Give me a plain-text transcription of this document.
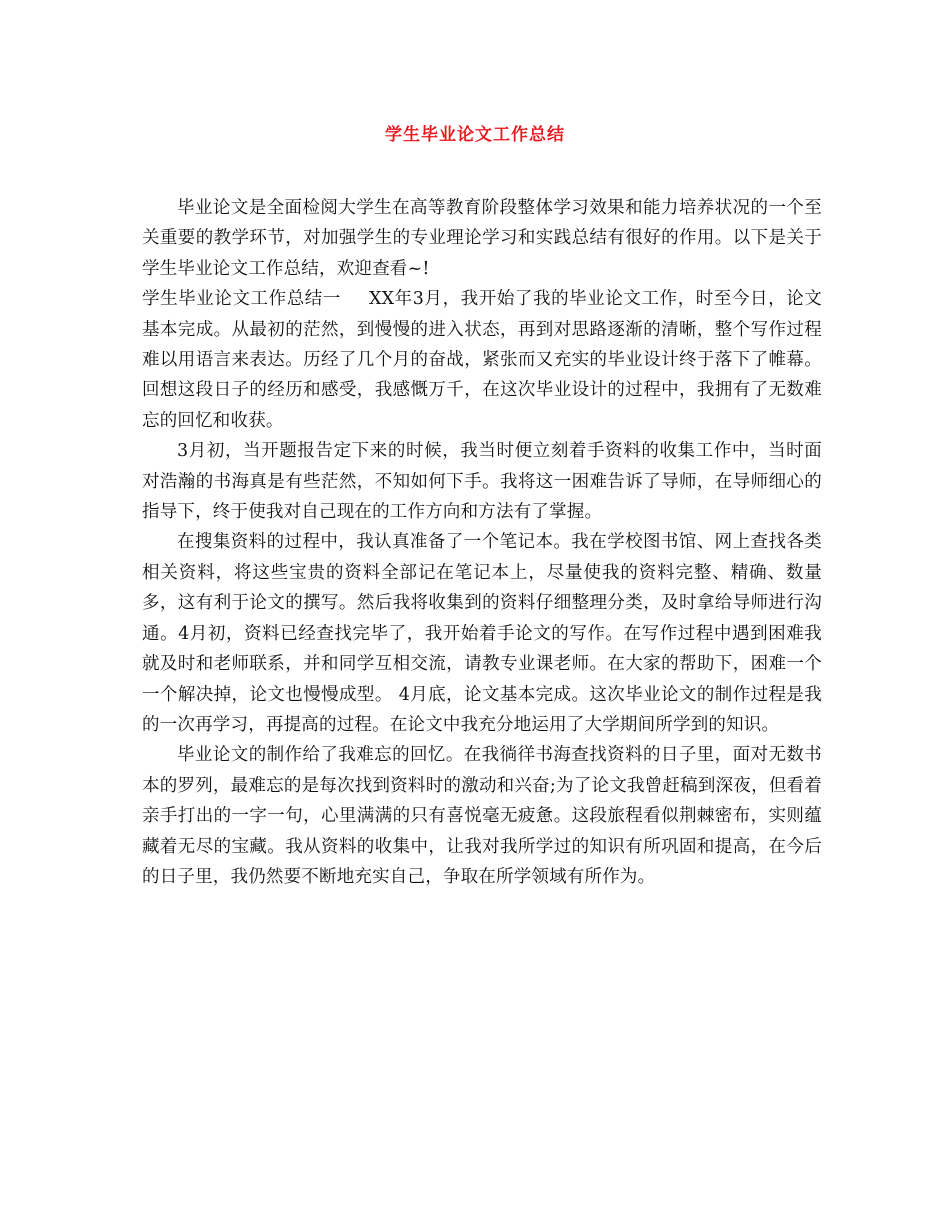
学生毕业论文工作总结

毕业论文是全面检阅大学生在高等教育阶段整体学习效果和能力培养状况的一个至关重要的教学环节，对加强学生的专业理论学习和实践总结有很好的作用。以下是关于学生毕业论文工作总结，欢迎查看~!

学生毕业论文工作总结一 XX年3月，我开始了我的毕业论文工作，时至今日，论文基本完成。从最初的茫然，到慢慢的进入状态，再到对思路逐渐的清晰，整个写作过程难以用语言来表达。历经了几个月的奋战，紧张而又充实的毕业设计终于落下了帷幕。回想这段日子的经历和感受，我感慨万千，在这次毕业设计的过程中，我拥有了无数难忘的回忆和收获。

3月初，当开题报告定下来的时候，我当时便立刻着手资料的收集工作中，当时面对浩瀚的书海真是有些茫然，不知如何下手。我将这一困难告诉了导师，在导师细心的指导下，终于使我对自己现在的工作方向和方法有了掌握。

在搜集资料的过程中，我认真准备了一个笔记本。我在学校图书馆、网上查找各类相关资料，将这些宝贵的资料全部记在笔记本上，尽量使我的资料完整、精确、数量多，这有利于论文的撰写。然后我将收集到的资料仔细整理分类，及时拿给导师进行沟通。4月初，资料已经查找完毕了，我开始着手论文的写作。在写作过程中遇到困难我就及时和老师联系，并和同学互相交流，请教专业课老师。在大家的帮助下，困难一个一个解决掉，论文也慢慢成型。 4月底，论文基本完成。这次毕业论文的制作过程是我的一次再学习，再提高的过程。在论文中我充分地运用了大学期间所学到的知识。

毕业论文的制作给了我难忘的回忆。在我徜徉书海查找资料的日子里，面对无数书本的罗列，最难忘的是每次找到资料时的激动和兴奋;为了论文我曾赶稿到深夜，但看着亲手打出的一字一句，心里满满的只有喜悦毫无疲惫。这段旅程看似荆棘密布，实则蕴藏着无尽的宝藏。我从资料的收集中，让我对我所学过的知识有所巩固和提高，在今后的日子里，我仍然要不断地充实自己，争取在所学领域有所作为。
